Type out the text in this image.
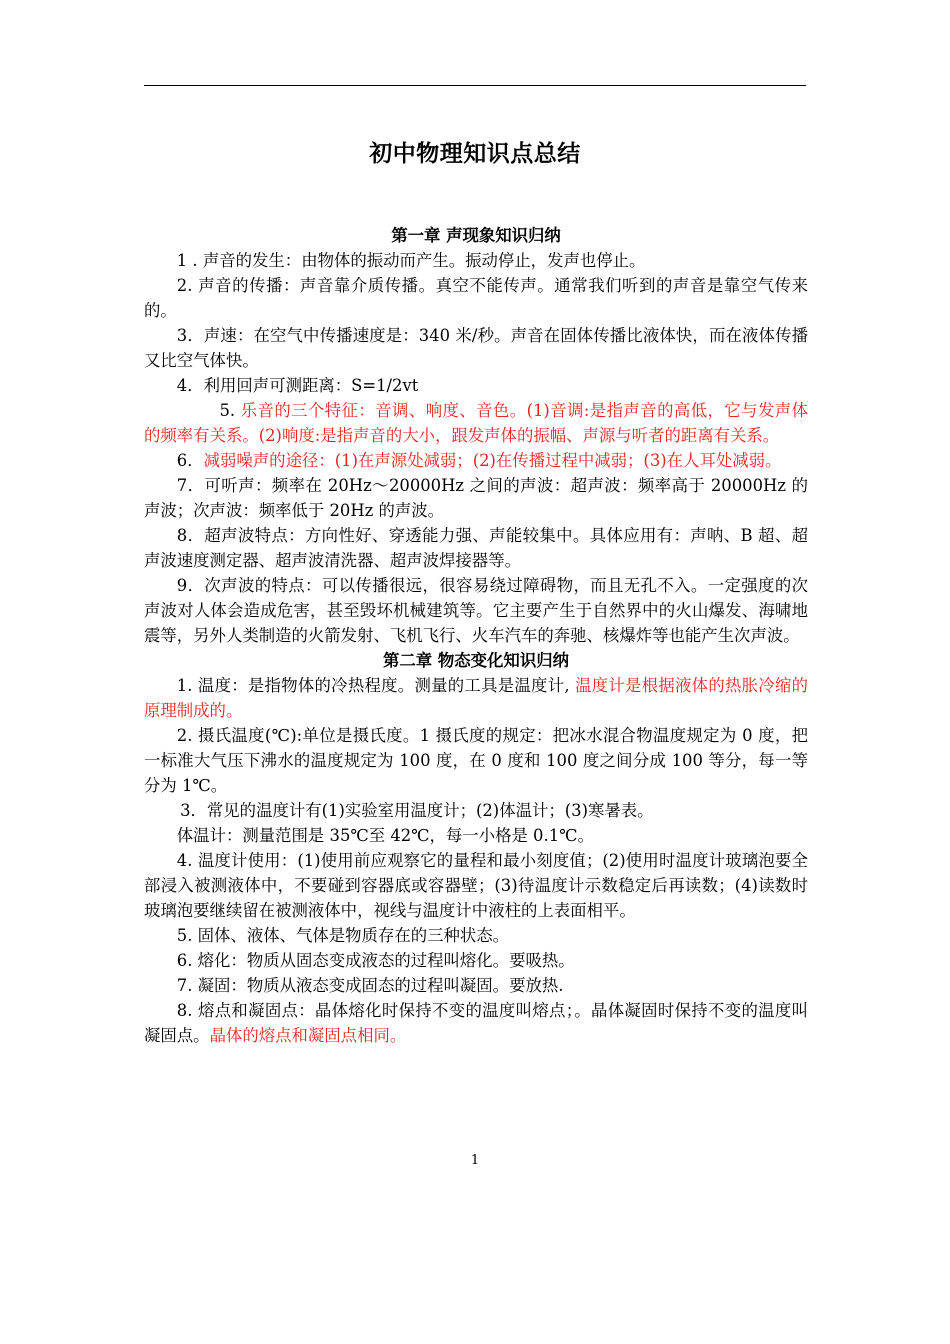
初中物理知识点总结

第一章 声现象知识归纳

1 . 声音的发生：由物体的振动而产生。振动停止，发声也停止。

2. 声音的传播：声音靠介质传播。真空不能传声。通常我们听到的声音是靠空气传来的。

3．声速：在空气中传播速度是：340 米/秒。声音在固体传播比液体快，而在液体传播又比空气体快。

4．利用回声可测距离：S=1/2vt

5. 乐音的三个特征：音调、响度、音色。(1)音调:是指声音的高低，它与发声体的频率有关系。(2)响度:是指声音的大小，跟发声体的振幅、声源与听者的距离有关系。

6．减弱噪声的途径：(1)在声源处减弱；(2)在传播过程中减弱；(3)在人耳处减弱。

7．可听声：频率在 20Hz～20000Hz 之间的声波：超声波：频率高于 20000Hz 的声波；次声波：频率低于 20Hz 的声波。

8．超声波特点：方向性好、穿透能力强、声能较集中。具体应用有：声呐、B 超、超声波速度测定器、超声波清洗器、超声波焊接器等。

9．次声波的特点：可以传播很远，很容易绕过障碍物，而且无孔不入。一定强度的次声波对人体会造成危害，甚至毁坏机械建筑等。它主要产生于自然界中的火山爆发、海啸地震等，另外人类制造的火箭发射、飞机飞行、火车汽车的奔驰、核爆炸等也能产生次声波。

第二章 物态变化知识归纳

1. 温度：是指物体的冷热程度。测量的工具是温度计, 温度计是根据液体的热胀冷缩的原理制成的。

2. 摄氏温度(℃):单位是摄氏度。1 摄氏度的规定：把冰水混合物温度规定为 0 度，把一标准大气压下沸水的温度规定为 100 度，在 0 度和 100 度之间分成 100 等分，每一等分为 1℃。

3．常见的温度计有(1)实验室用温度计；(2)体温计；(3)寒暑表。

体温计：测量范围是 35℃至 42℃，每一小格是 0.1℃。

4. 温度计使用：(1)使用前应观察它的量程和最小刻度值；(2)使用时温度计玻璃泡要全部浸入被测液体中，不要碰到容器底或容器壁；(3)待温度计示数稳定后再读数；(4)读数时玻璃泡要继续留在被测液体中，视线与温度计中液柱的上表面相平。

5. 固体、液体、气体是物质存在的三种状态。

6. 熔化：物质从固态变成液态的过程叫熔化。要吸热。

7. 凝固：物质从液态变成固态的过程叫凝固。要放热.

8. 熔点和凝固点：晶体熔化时保持不变的温度叫熔点；。晶体凝固时保持不变的温度叫凝固点。晶体的熔点和凝固点相同。

1
